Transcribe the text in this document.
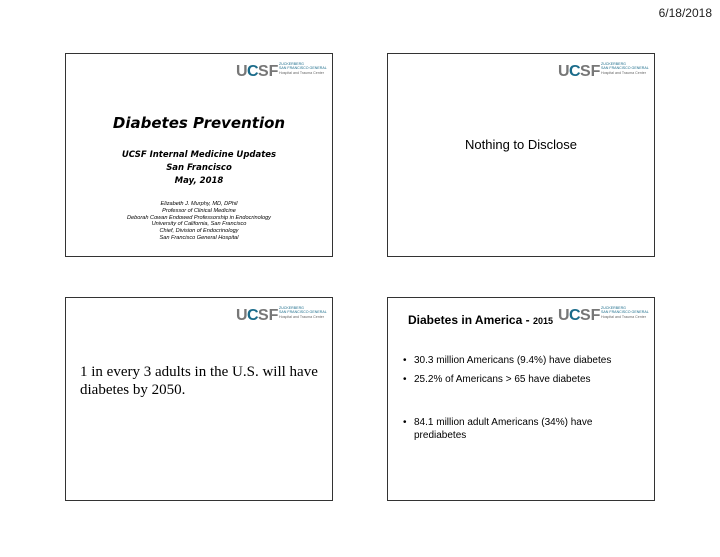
6/18/2018
U C SF ZUCKERBERG
SAN FRANCISCO GENERAL
Hospital and Trauma Center
Diabetes Prevention
UCSF Internal Medicine Updates
San Francisco
May, 2018
Elizabeth J. Murphy, MD, DPhil
Professor of Clinical Medicine
Deborah Cowan Endowed Professorship in Endocrinology
University of California, San Francisco
Chief, Division of Endocrinology
San Francisco General Hospital
U C SF ZUCKERBERG
SAN FRANCISCO GENERAL
Hospital and Trauma Center
Nothing to Disclose
U C SF ZUCKERBERG
SAN FRANCISCO GENERAL
Hospital and Trauma Center
1 in every 3 adults in the U.S. will have diabetes by 2050.
U C SF ZUCKERBERG
SAN FRANCISCO GENERAL
Hospital and Trauma Center
Diabetes in America - 2015
• 30.3 million Americans (9.4%) have diabetes
• 25.2% of Americans > 65 have diabetes
• 84.1 million adult Americans (34%) have prediabetes
